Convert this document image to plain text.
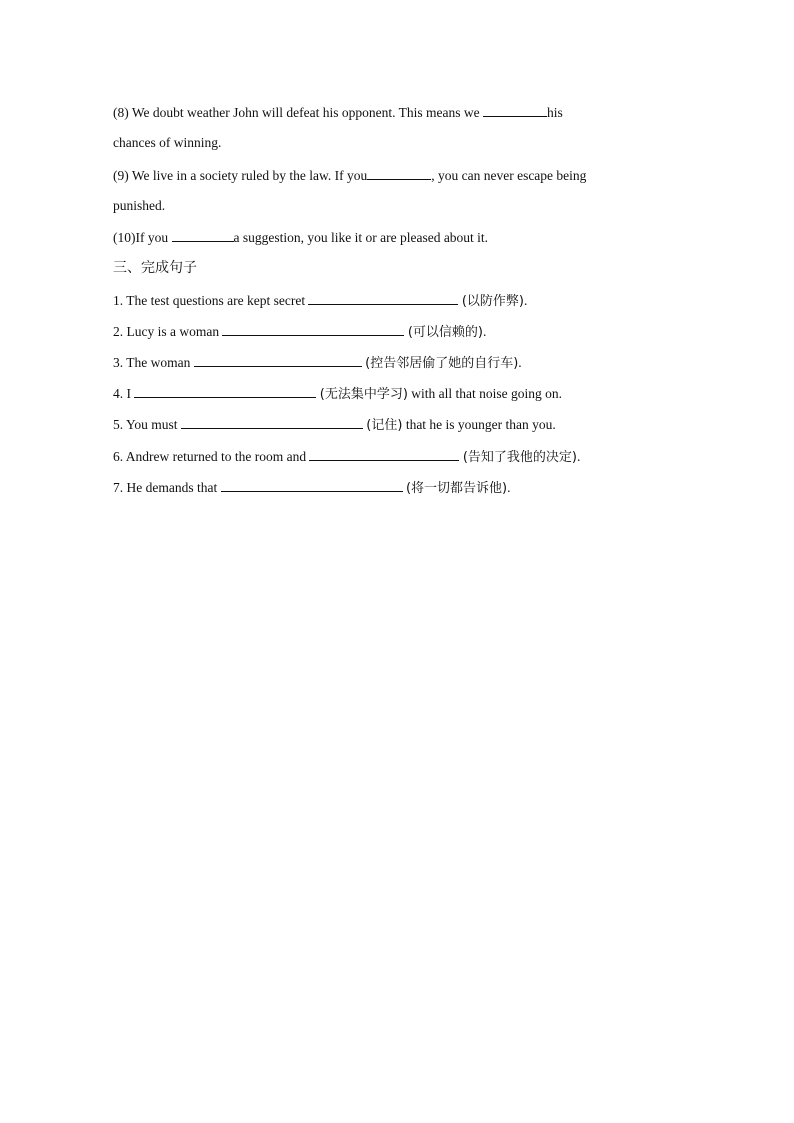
(8) We doubt weather John will defeat his opponent. This means we	his
chances of winning.
(9) We live in a society ruled by the law. If you	, you can never escape being
punished.
(10)If you	a suggestion, you like it or are pleased about it.
三、完成句子
1. The test questions are kept secret	(以防作弊).
2. Lucy is a woman	(可以信赖的).
3. The woman	(控告邻居偷了她的自行车).
4. I	(无法集中学习) with all that noise going on.
5. You must	(记住) that he is younger than you.
6. Andrew returned to the room and	(告知了我他的决定).
7. He demands that	(将一切都告诉他).
